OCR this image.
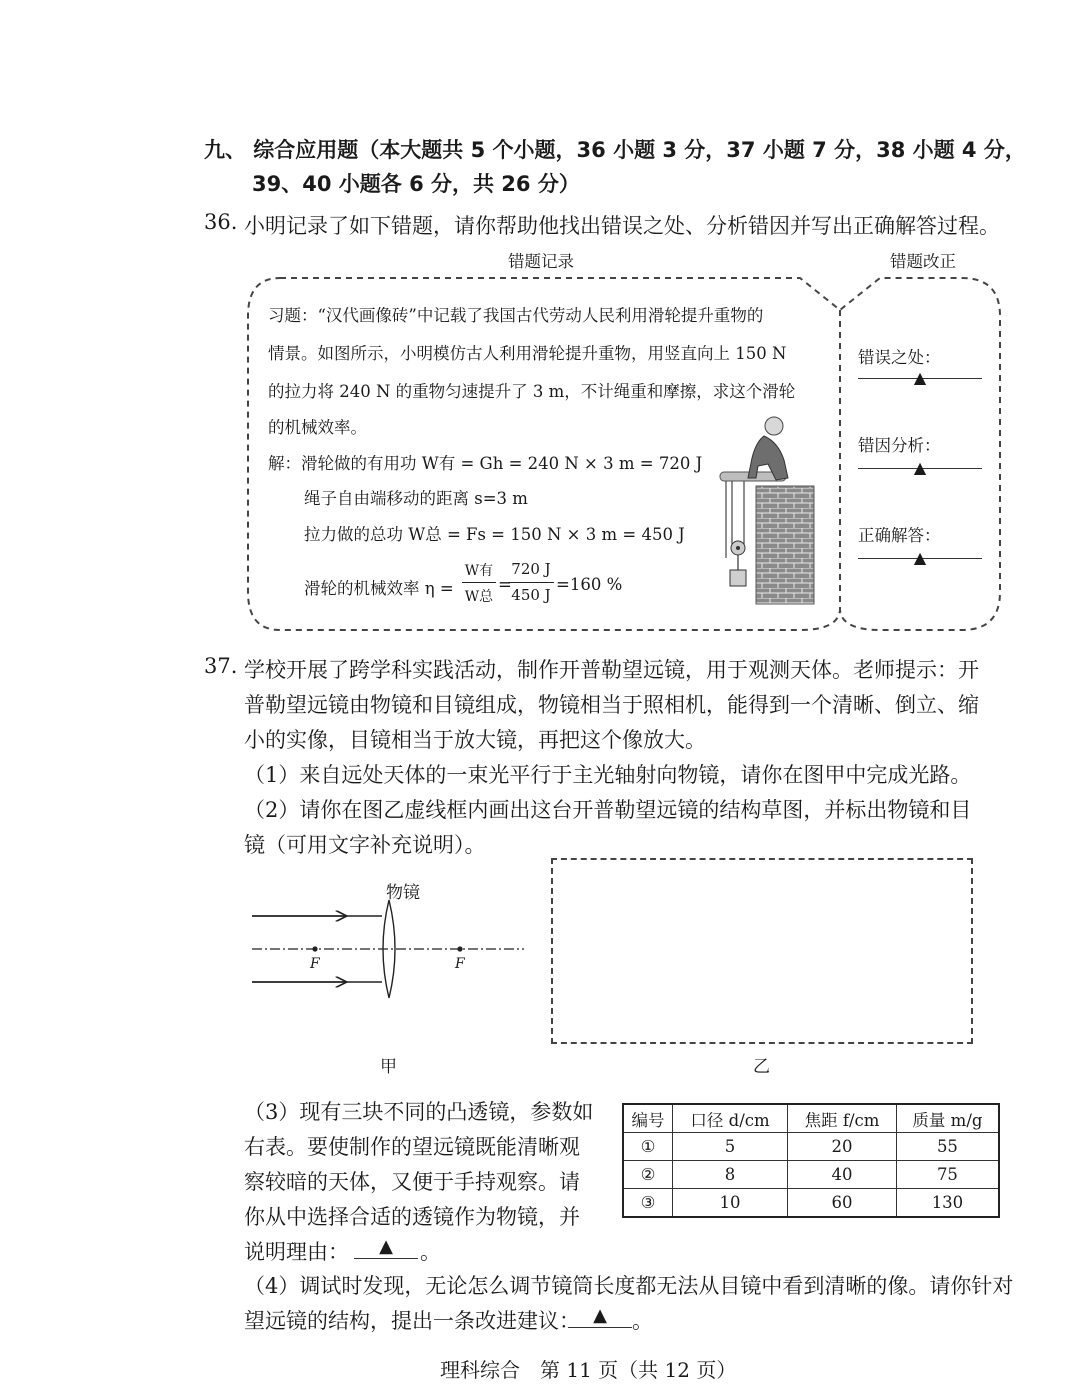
九、 综合应用题（本大题共 5 个小题，36 小题 3 分，37 小题 7 分，38 小题 4 分，
39、40 小题各 6 分，共 26 分）
36. 小明记录了如下错题，请你帮助他找出错误之处、分析错因并写出正确解答过程。
错题记录	错题改正
习题：“汉代画像砖”中记载了我国古代劳动人民利用滑轮提升重物的
情景。如图所示，小明模仿古人利用滑轮提升重物，用竖直向上 150 N
的拉力将 240 N 的重物匀速提升了 3 m，不计绳重和摩擦，求这个滑轮
的机械效率。
解：滑轮做的有用功 W有 = Gh = 240 N × 3 m = 720 J
绳子自由端移动的距离 s=3 m
拉力做的总功 W总 = Fs = 150 N × 3 m = 450 J
滑轮的机械效率 η =
W有
W总
=
720 J
450 J
=160 %
错误之处：
▲
错因分析：
▲
正确解答：
▲
37. 学校开展了跨学科实践活动，制作开普勒望远镜，用于观测天体。老师提示：开
普勒望远镜由物镜和目镜组成，物镜相当于照相机，能得到一个清晰、倒立、缩
小的实像，目镜相当于放大镜，再把这个像放大。
（1）来自远处天体的一束光平行于主光轴射向物镜，请你在图甲中完成光路。
（2）请你在图乙虚线框内画出这台开普勒望远镜的结构草图，并标出物镜和目
镜（可用文字补充说明）。
物镜
F	F
甲	乙
（3）现有三块不同的凸透镜，参数如
右表。要使制作的望远镜既能清晰观
察较暗的天体，又便于手持观察。请
你从中选择合适的透镜作为物镜，并
说明理由：	▲	。
编号	口径 d/cm	焦距 f/cm	质量 m/g
①	5	20	55
②	8	40	75
③	10	60	130
（4）调试时发现，无论怎么调节镜筒长度都无法从目镜中看到清晰的像。请你针对
望远镜的结构，提出一条改进建议： ▲	。
理科综合　第 11 页（共 12 页）
